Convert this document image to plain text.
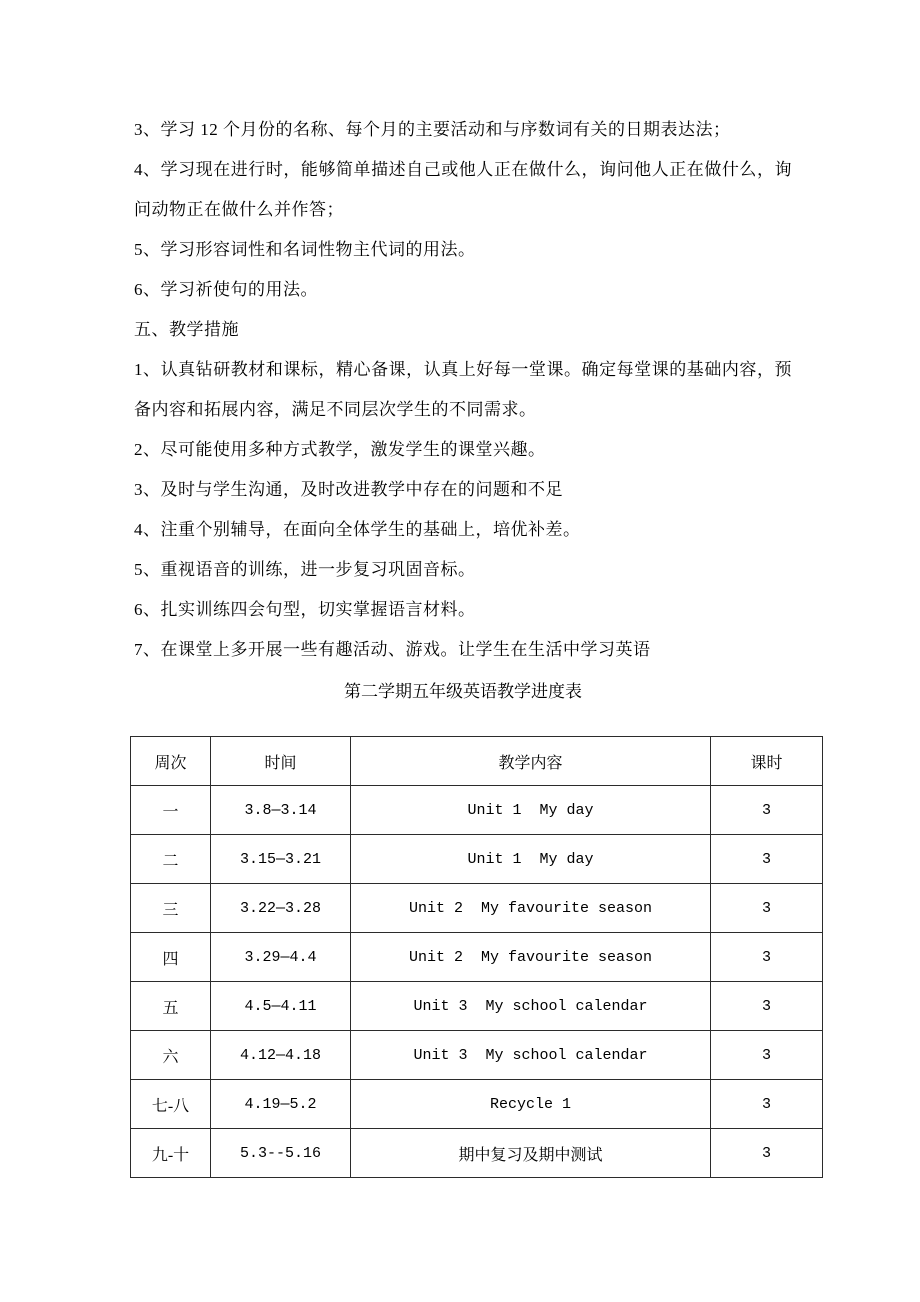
3、学习 12 个月份的名称、每个月的主要活动和与序数词有关的日期表达法；

4、学习现在进行时，能够简单描述自己或他人正在做什么，询问他人正在做什么，询问动物正在做什么并作答；

5、学习形容词性和名词性物主代词的用法。

6、学习祈使句的用法。

五、教学措施

1、认真钻研教材和课标，精心备课，认真上好每一堂课。确定每堂课的基础内容，预备内容和拓展内容，满足不同层次学生的不同需求。

2、尽可能使用多种方式教学，激发学生的课堂兴趣。

3、及时与学生沟通，及时改进教学中存在的问题和不足

4、注重个别辅导，在面向全体学生的基础上，培优补差。

5、重视语音的训练，进一步复习巩固音标。

6、扎实训练四会句型，切实掌握语言材料。

7、在课堂上多开展一些有趣活动、游戏。让学生在生活中学习英语

第二学期五年级英语教学进度表
周次	时间	教学内容	课时
一	3.8—3.14	Unit 1  My day	3
二	3.15—3.21	Unit 1  My day	3
三	3.22—3.28	Unit 2  My favourite season	3
四	3.29—4.4	Unit 2  My favourite season	3
五	4.5—4.11	Unit 3  My school calendar	3
六	4.12—4.18	Unit 3  My school calendar	3
七-八	4.19—5.2	Recycle 1	3
九-十	5.3--5.16	期中复习及期中测试	3
